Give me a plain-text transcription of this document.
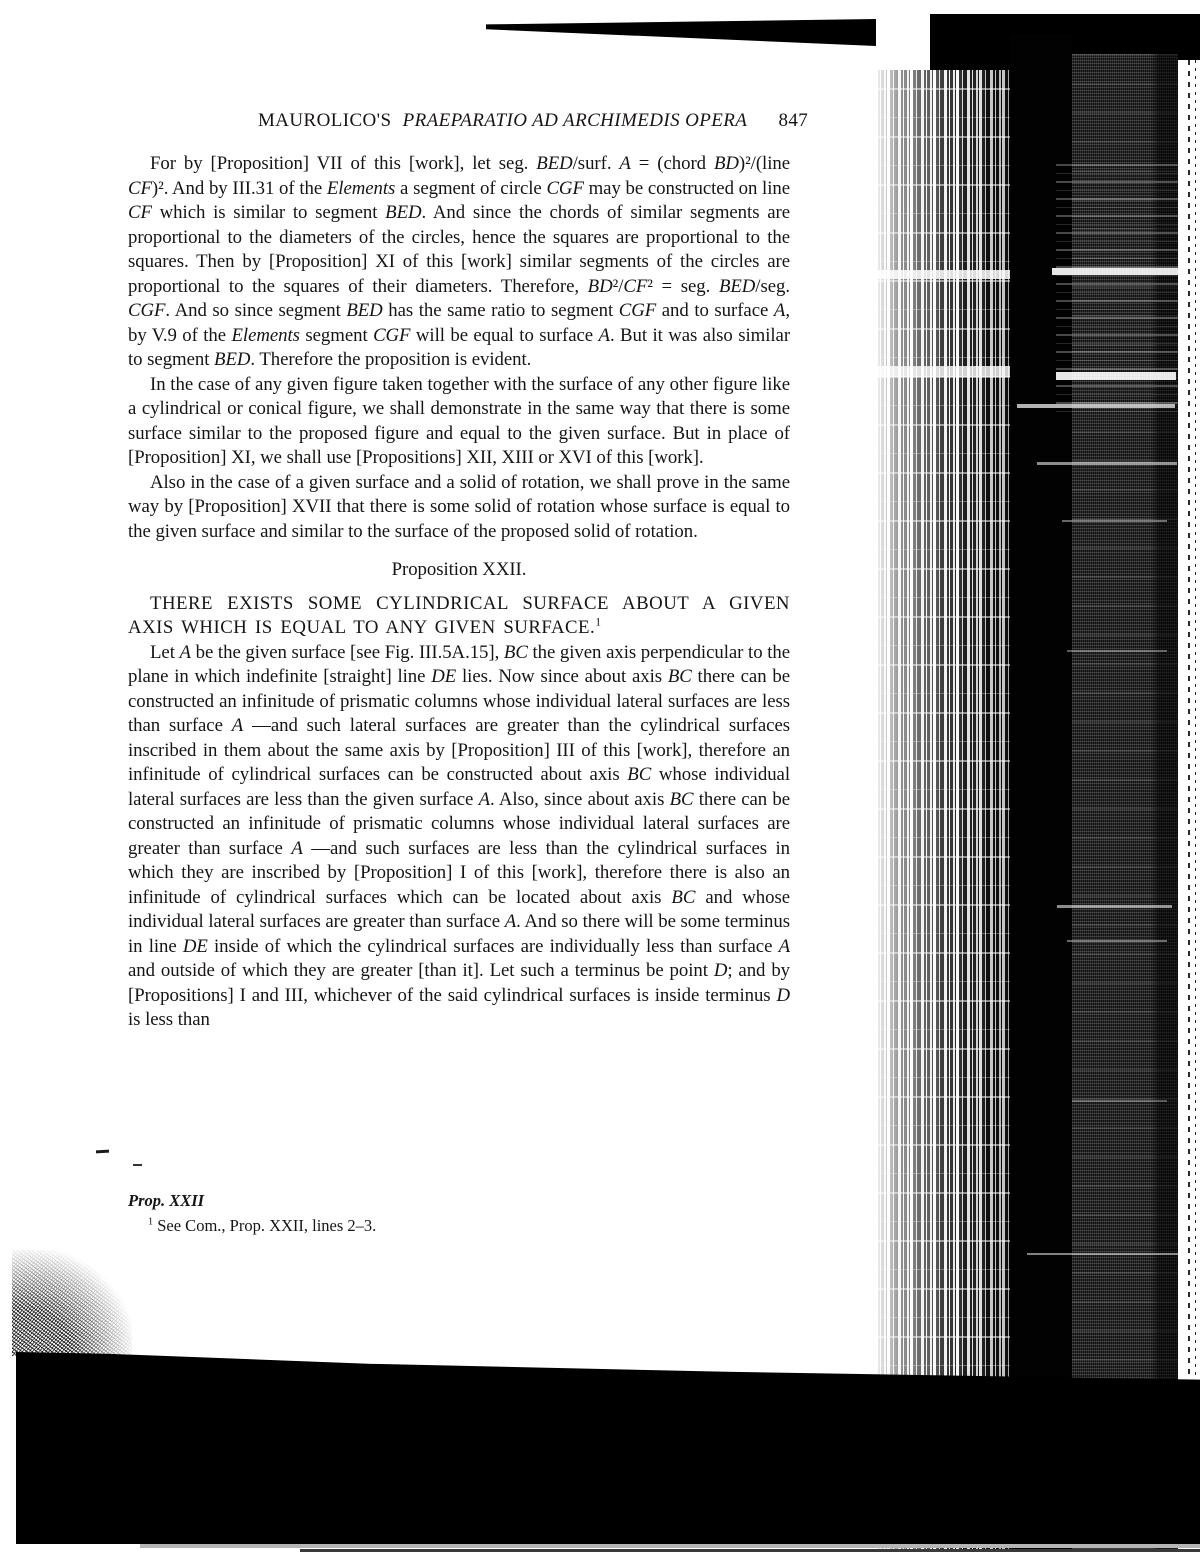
MAUROLICO'S PRAEPARATIO AD ARCHIMEDIS OPERA 847

For by [Proposition] VII of this [work], let seg. BED/surf. A = (chord BD)²/(line CF)². And by III.31 of the Elements a segment of circle CGF may be constructed on line CF which is similar to segment BED. And since the chords of similar segments are proportional to the diameters of the circles, hence the squares are proportional to the squares. Then by [Proposition] XI of this [work] similar segments of the circles are proportional to the squares of their diameters. Therefore, BD²/CF² = seg. BED/seg. CGF. And so since segment BED has the same ratio to segment CGF and to surface A, by V.9 of the Elements segment CGF will be equal to surface A. But it was also similar to segment BED. Therefore the proposition is evident.

In the case of any given figure taken together with the surface of any other figure like a cylindrical or conical figure, we shall demonstrate in the same way that there is some surface similar to the proposed figure and equal to the given surface. But in place of [Proposition] XI, we shall use [Propositions] XII, XIII or XVI of this [work].

Also in the case of a given surface and a solid of rotation, we shall prove in the same way by [Proposition] XVII that there is some solid of rotation whose surface is equal to the given surface and similar to the surface of the proposed solid of rotation.

Proposition XXII.

THERE EXISTS SOME CYLINDRICAL SURFACE ABOUT A GIVEN AXIS WHICH IS EQUAL TO ANY GIVEN SURFACE.$^1$

Let A be the given surface [see Fig. III.5A.15], BC the given axis perpendicular to the plane in which indefinite [straight] line DE lies. Now since about axis BC there can be constructed an infinitude of prismatic columns whose individual lateral surfaces are less than surface A —and such lateral surfaces are greater than the cylindrical surfaces inscribed in them about the same axis by [Proposition] III of this [work], therefore an infinitude of cylindrical surfaces can be constructed about axis BC whose individual lateral surfaces are less than the given surface A. Also, since about axis BC there can be constructed an infinitude of prismatic columns whose individual lateral surfaces are greater than surface A —and such surfaces are less than the cylindrical surfaces in which they are inscribed by [Proposition] I of this [work], therefore there is also an infinitude of cylindrical surfaces which can be located about axis BC and whose individual lateral surfaces are greater than surface A. And so there will be some terminus in line DE inside of which the cylindrical surfaces are individually less than surface A and outside of which they are greater [than it]. Let such a terminus be point D; and by [Propositions] I and III, whichever of the said cylindrical surfaces is inside terminus D is less than

Prop. XXII

$^1$ See Com., Prop. XXII, lines 2–3.
